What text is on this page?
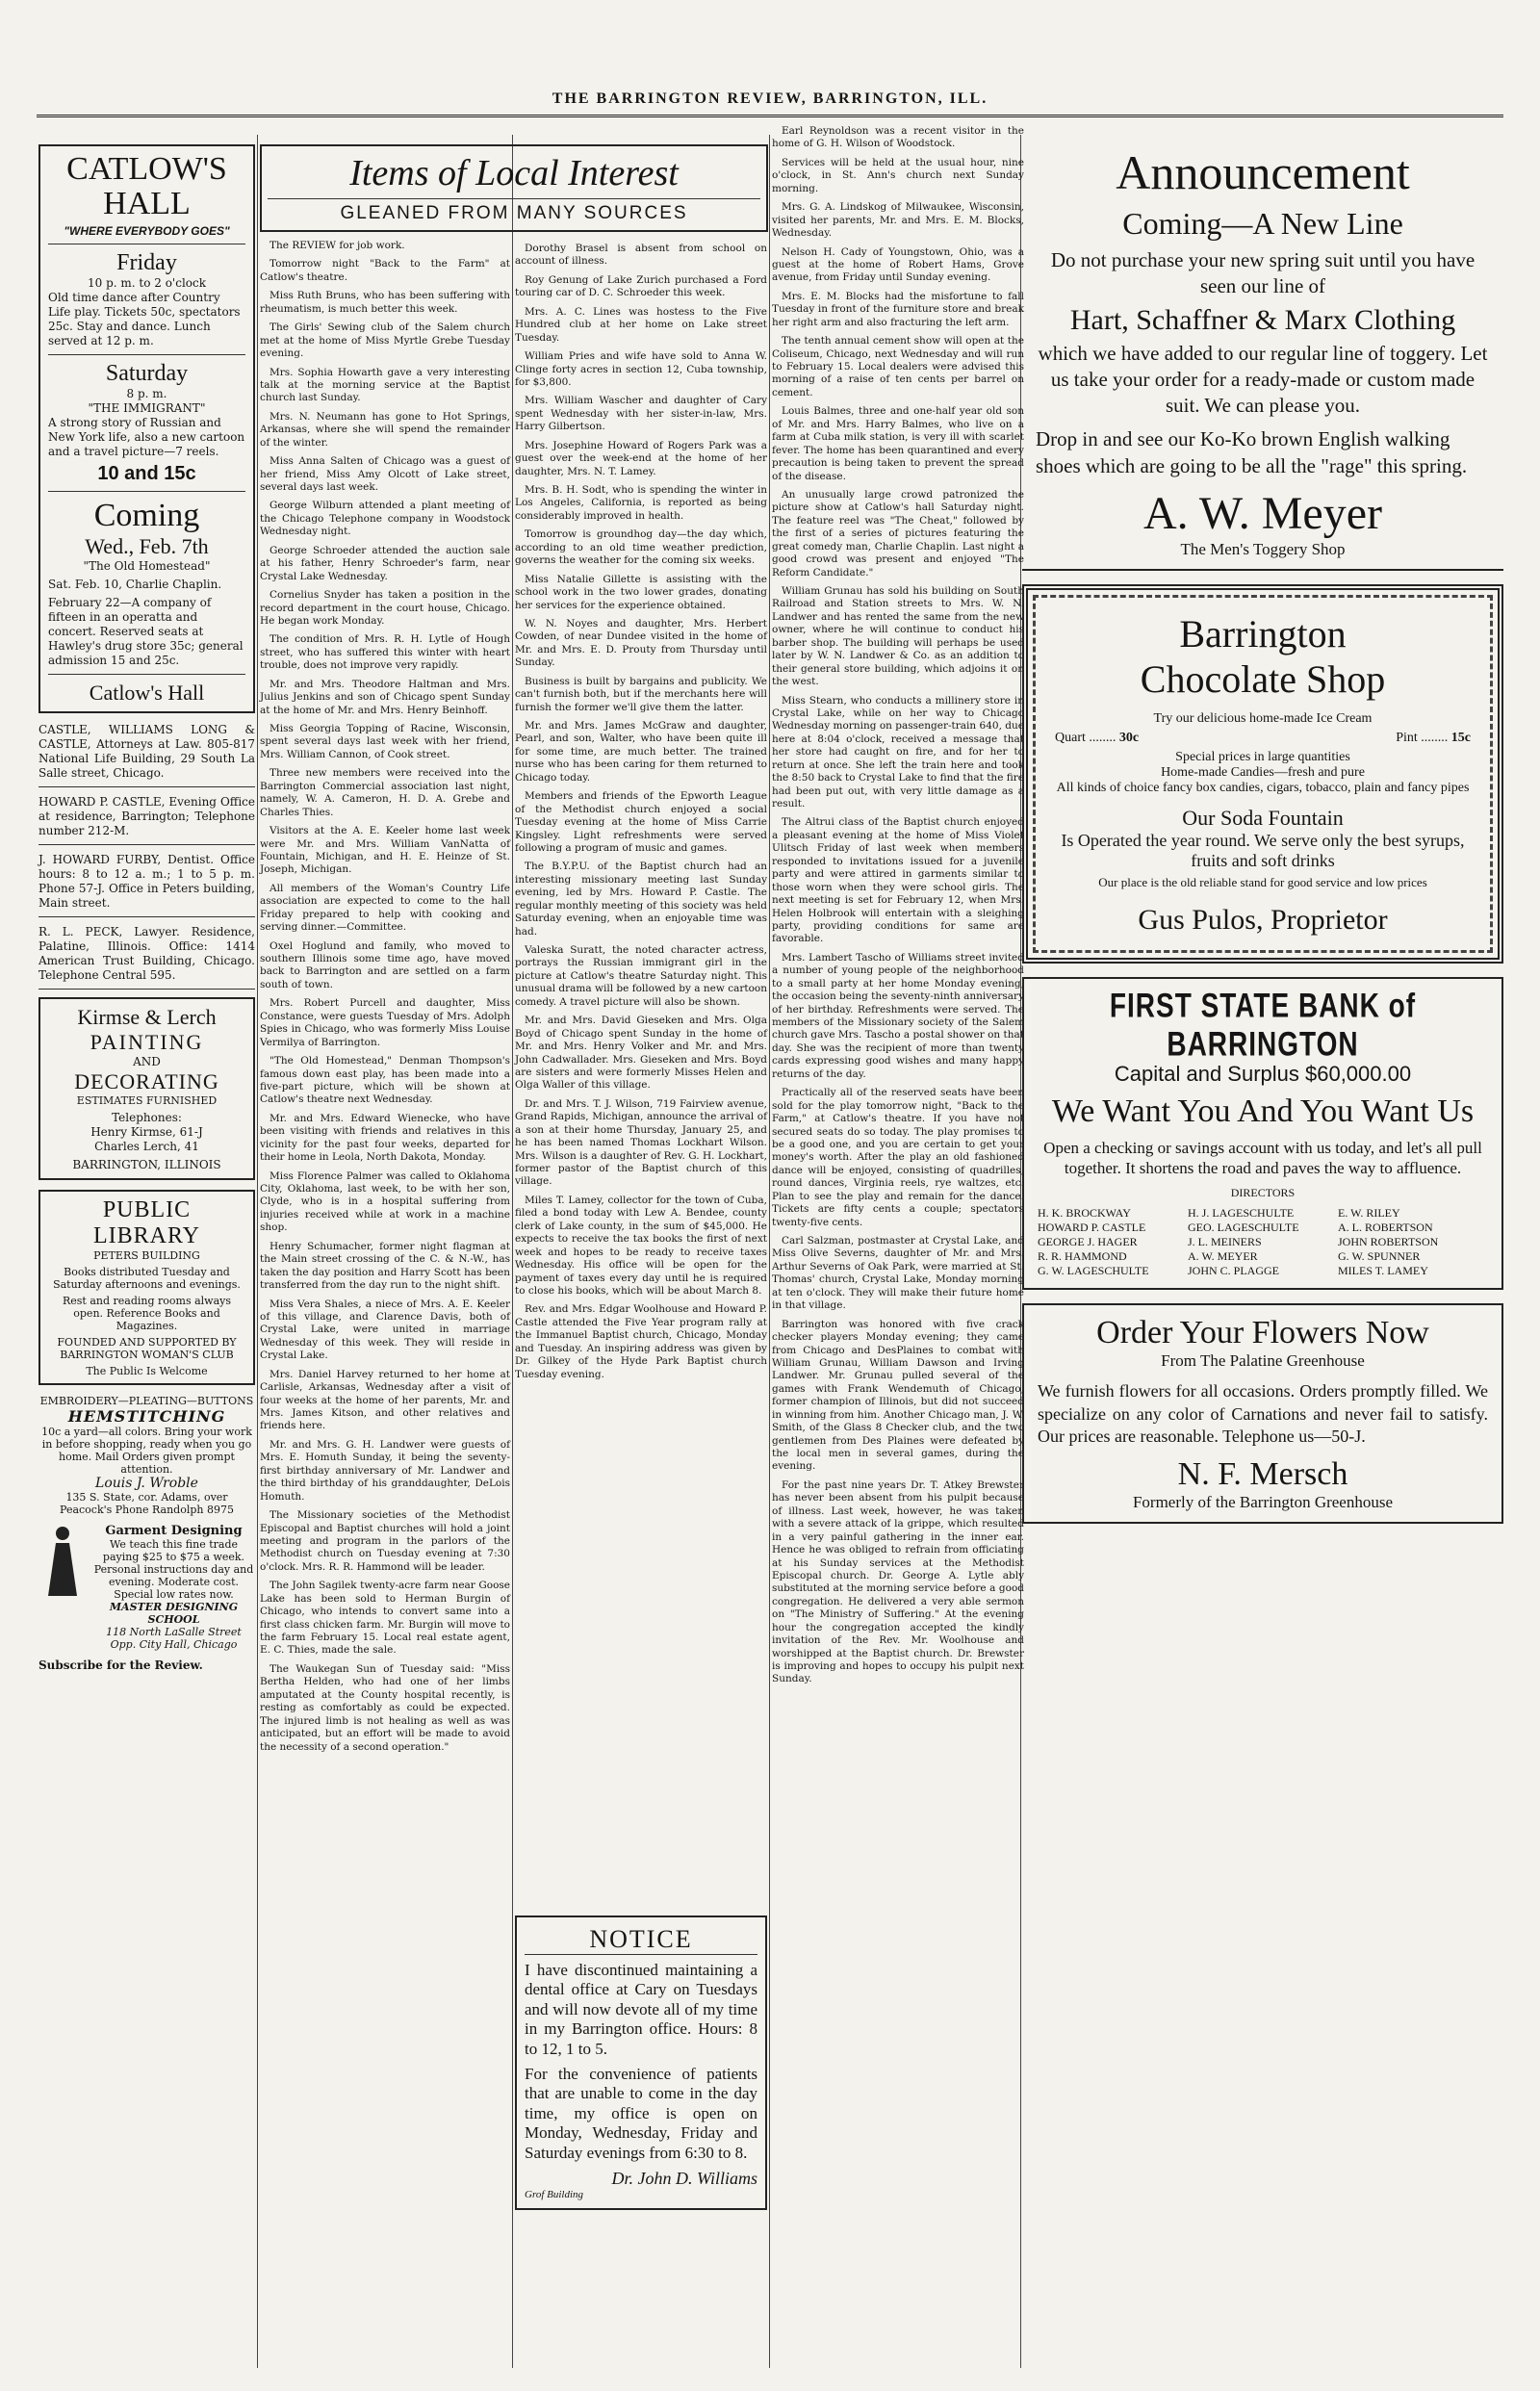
THE BARRINGTON REVIEW, BARRINGTON, ILL.
CATLOW'S HALL
"WHERE EVERYBODY GOES"
Friday
10 p. m. to 2 o'clock
Old time dance after Country Life play. Tickets 50c, spectators 25c. Stay and dance. Lunch served at 12 p. m.
Saturday
8 p. m.
"THE IMMIGRANT"
A strong story of Russian and New York life, also a new cartoon and a travel picture—7 reels.
10 and 15c
Coming
Wed., Feb. 7th
"The Old Homestead"
Sat. Feb. 10, Charlie Chaplin.
February 22—A company of fifteen in an operatta and concert. Reserved seats at Hawley's drug store 35c; general admission 15 and 25c.
Catlow's Hall
CASTLE, WILLIAMS LONG & CASTLE, Attorneys at Law. 805-817 National Life Building, 29 South La Salle street, Chicago.
HOWARD P. CASTLE, Evening Office at residence, Barrington; Telephone number 212-M.
J. HOWARD FURBY, Dentist. Office hours: 8 to 12 a. m.; 1 to 5 p. m. Phone 57-J. Office in Peters building, Main street.
R. L. PECK, Lawyer. Residence, Palatine, Illinois. Office: 1414 American Trust Building, Chicago. Telephone Central 595.
Kirmse & Lerch
PAINTING
AND
DECORATING
ESTIMATES FURNISHED
Telephones:
Henry Kirmse, 61-J
Charles Lerch, 41
BARRINGTON, ILLINOIS
PUBLIC LIBRARY
PETERS BUILDING
Books distributed Tuesday and Saturday afternoons and evenings.
Rest and reading rooms always open. Reference Books and Magazines.
FOUNDED AND SUPPORTED BY BARRINGTON WOMAN'S CLUB
The Public Is Welcome
EMBROIDERY—PLEATING—BUTTONS
HEMSTITCHING
10c a yard—all colors. Bring your work in before shopping, ready when you go home. Mail Orders given prompt attention.
Louis J. Wroble
135 S. State, cor. Adams, over Peacock's Phone Randolph 8975
Garment Designing
We teach this fine trade paying $25 to $75 a week. Personal instructions day and evening. Moderate cost. Special low rates now.
MASTER DESIGNING SCHOOL
118 North LaSalle Street Opp. City Hall, Chicago
Subscribe for the Review.
Items of Local Interest
GLEANED FROM MANY SOURCES
The REVIEW for job work.
Tomorrow night "Back to the Farm" at Catlow's theatre.
Miss Ruth Bruns, who has been suffering with rheumatism, is much better this week.
The Girls' Sewing club of the Salem church met at the home of Miss Myrtle Grebe Tuesday evening.
Mrs. Sophia Howarth gave a very interesting talk at the morning service at the Baptist church last Sunday.
Mrs. N. Neumann has gone to Hot Springs, Arkansas, where she will spend the remainder of the winter.
Miss Anna Salten of Chicago was a guest of her friend, Miss Amy Olcott of Lake street, several days last week.
George Wilburn attended a plant meeting of the Chicago Telephone company in Woodstock Wednesday night.
George Schroeder attended the auction sale at his father, Henry Schroeder's farm, near Crystal Lake Wednesday.
Cornelius Snyder has taken a position in the record department in the court house, Chicago. He began work Monday.
The condition of Mrs. R. H. Lytle of Hough street, who has suffered this winter with heart trouble, does not improve very rapidly.
Mr. and Mrs. Theodore Haltman and Mrs. Julius Jenkins and son of Chicago spent Sunday at the home of Mr. and Mrs. Henry Beinhoff.
Miss Georgia Topping of Racine, Wisconsin, spent several days last week with her friend, Mrs. William Cannon, of Cook street.
Three new members were received into the Barrington Commercial association last night, namely, W. A. Cameron, H. D. A. Grebe and Charles Thies.
Visitors at the A. E. Keeler home last week were Mr. and Mrs. William VanNatta of Fountain, Michigan, and H. E. Heinze of St. Joseph, Michigan.
All members of the Woman's Country Life association are expected to come to the hall Friday prepared to help with cooking and serving dinner.—Committee.
Oxel Hoglund and family, who moved to southern Illinois some time ago, have moved back to Barrington and are settled on a farm south of town.
Mrs. Robert Purcell and daughter, Miss Constance, were guests Tuesday of Mrs. Adolph Spies in Chicago, who was formerly Miss Louise Vermilya of Barrington.
"The Old Homestead," Denman Thompson's famous down east play, has been made into a five-part picture, which will be shown at Catlow's theatre next Wednesday.
Mr. and Mrs. Edward Wienecke, who have been visiting with friends and relatives in this vicinity for the past four weeks, departed for their home in Leola, North Dakota, Monday.
Miss Florence Palmer was called to Oklahoma City, Oklahoma, last week, to be with her son, Clyde, who is in a hospital suffering from injuries received while at work in a machine shop.
Henry Schumacher, former night flagman at the Main street crossing of the C. & N.-W., has taken the day position and Harry Scott has been transferred from the day run to the night shift.
Miss Vera Shales, a niece of Mrs. A. E. Keeler of this village, and Clarence Davis, both of Crystal Lake, were united in marriage Wednesday of this week. They will reside in Crystal Lake.
Mrs. Daniel Harvey returned to her home at Carlisle, Arkansas, Wednesday after a visit of four weeks at the home of her parents, Mr. and Mrs. James Kitson, and other relatives and friends here.
Mr. and Mrs. G. H. Landwer were guests of Mrs. E. Homuth Sunday, it being the seventy-first birthday anniversary of Mr. Landwer and the third birthday of his granddaughter, DeLois Homuth.
The Missionary societies of the Methodist Episcopal and Baptist churches will hold a joint meeting and program in the parlors of the Methodist church on Tuesday evening at 7:30 o'clock. Mrs. R. R. Hammond will be leader.
The John Sagilek twenty-acre farm near Goose Lake has been sold to Herman Burgin of Chicago, who intends to convert same into a first class chicken farm. Mr. Burgin will move to the farm February 15. Local real estate agent, E. C. Thies, made the sale.
The Waukegan Sun of Tuesday said: "Miss Bertha Helden, who had one of her limbs amputated at the County hospital recently, is resting as comfortably as could be expected. The injured limb is not healing as well as was anticipated, but an effort will be made to avoid the necessity of a second operation."
Dorothy Brasel is absent from school on account of illness.
Roy Genung of Lake Zurich purchased a Ford touring car of D. C. Schroeder this week.
Mrs. A. C. Lines was hostess to the Five Hundred club at her home on Lake street Tuesday.
William Pries and wife have sold to Anna W. Clinge forty acres in section 12, Cuba township, for $3,800.
Mrs. William Wascher and daughter of Cary spent Wednesday with her sister-in-law, Mrs. Harry Gilbertson.
Mrs. Josephine Howard of Rogers Park was a guest over the week-end at the home of her daughter, Mrs. N. T. Lamey.
Mrs. B. H. Sodt, who is spending the winter in Los Angeles, California, is reported as being considerably improved in health.
Tomorrow is groundhog day—the day which, according to an old time weather prediction, governs the weather for the coming six weeks.
Miss Natalie Gillette is assisting with the school work in the two lower grades, donating her services for the experience obtained.
W. N. Noyes and daughter, Mrs. Herbert Cowden, of near Dundee visited in the home of Mr. and Mrs. E. D. Prouty from Thursday until Sunday.
Business is built by bargains and publicity. We can't furnish both, but if the merchants here will furnish the former we'll give them the latter.
Mr. and Mrs. James McGraw and daughter, Pearl, and son, Walter, who have been quite ill for some time, are much better. The trained nurse who has been caring for them returned to Chicago today.
Members and friends of the Epworth League of the Methodist church enjoyed a social Tuesday evening at the home of Miss Carrie Kingsley. Light refreshments were served following a program of music and games.
The B.Y.P.U. of the Baptist church had an interesting missionary meeting last Sunday evening, led by Mrs. Howard P. Castle. The regular monthly meeting of this society was held Saturday evening, when an enjoyable time was had.
Valeska Suratt, the noted character actress, portrays the Russian immigrant girl in the picture at Catlow's theatre Saturday night. This unusual drama will be followed by a new cartoon comedy. A travel picture will also be shown.
Mr. and Mrs. David Gieseken and Mrs. Olga Boyd of Chicago spent Sunday in the home of Mr. and Mrs. Henry Volker and Mr. and Mrs. John Cadwallader. Mrs. Gieseken and Mrs. Boyd are sisters and were formerly Misses Helen and Olga Waller of this village.
Dr. and Mrs. T. J. Wilson, 719 Fairview avenue, Grand Rapids, Michigan, announce the arrival of a son at their home Thursday, January 25, and he has been named Thomas Lockhart Wilson. Mrs. Wilson is a daughter of Rev. G. H. Lockhart, former pastor of the Baptist church of this village.
Miles T. Lamey, collector for the town of Cuba, filed a bond today with Lew A. Bendee, county clerk of Lake county, in the sum of $45,000. He expects to receive the tax books the first of next week and hopes to be ready to receive taxes Wednesday. His office will be open for the payment of taxes every day until he is required to close his books, which will be about March 8.
Rev. and Mrs. Edgar Woolhouse and Howard P. Castle attended the Five Year program rally at the Immanuel Baptist church, Chicago, Monday and Tuesday. An inspiring address was given by Dr. Gilkey of the Hyde Park Baptist church Tuesday evening.
NOTICE
I have discontinued maintaining a dental office at Cary on Tuesdays and will now devote all of my time in my Barrington office. Hours: 8 to 12, 1 to 5.
For the convenience of patients that are unable to come in the day time, my office is open on Monday, Wednesday, Friday and Saturday evenings from 6:30 to 8.
Dr. John D. Williams
Grof Building
Earl Reynoldson was a recent visitor in the home of G. H. Wilson of Woodstock.
Services will be held at the usual hour, nine o'clock, in St. Ann's church next Sunday morning.
Mrs. G. A. Lindskog of Milwaukee, Wisconsin, visited her parents, Mr. and Mrs. E. M. Blocks, Wednesday.
Nelson H. Cady of Youngstown, Ohio, was a guest at the home of Robert Hams, Grove avenue, from Friday until Sunday evening.
Mrs. E. M. Blocks had the misfortune to fall Tuesday in front of the furniture store and break her right arm and also fracturing the left arm.
The tenth annual cement show will open at the Coliseum, Chicago, next Wednesday and will run to February 15. Local dealers were advised this morning of a raise of ten cents per barrel on cement.
Louis Balmes, three and one-half year old son of Mr. and Mrs. Harry Balmes, who live on a farm at Cuba milk station, is very ill with scarlet fever. The home has been quarantined and every precaution is being taken to prevent the spread of the disease.
An unusually large crowd patronized the picture show at Catlow's hall Saturday night. The feature reel was "The Cheat," followed by the first of a series of pictures featuring the great comedy man, Charlie Chaplin. Last night a good crowd was present and enjoyed "The Reform Candidate."
William Grunau has sold his building on South Railroad and Station streets to Mrs. W. N. Landwer and has rented the same from the new owner, where he will continue to conduct his barber shop. The building will perhaps be used later by W. N. Landwer & Co. as an addition to their general store building, which adjoins it on the west.
Miss Stearn, who conducts a millinery store in Crystal Lake, while on her way to Chicago Wednesday morning on passenger-train 640, due here at 8:04 o'clock, received a message that her store had caught on fire, and for her to return at once. She left the train here and took the 8:50 back to Crystal Lake to find that the fire had been put out, with very little damage as a result.
The Altrui class of the Baptist church enjoyed a pleasant evening at the home of Miss Violet Ulitsch Friday of last week when members responded to invitations issued for a juvenile party and were attired in garments similar to those worn when they were school girls. The next meeting is set for February 12, when Mrs. Helen Holbrook will entertain with a sleighing party, providing conditions for same are favorable.
Mrs. Lambert Tascho of Williams street invited a number of young people of the neighborhood to a small party at her home Monday evening, the occasion being the seventy-ninth anniversary of her birthday. Refreshments were served. The members of the Missionary society of the Salem church gave Mrs. Tascho a postal shower on that day. She was the recipient of more than twenty cards expressing good wishes and many happy returns of the day.
Practically all of the reserved seats have been sold for the play tomorrow night, "Back to the Farm," at Catlow's theatre. If you have not secured seats do so today. The play promises to be a good one, and you are certain to get your money's worth. After the play an old fashioned dance will be enjoyed, consisting of quadrilles, round dances, Virginia reels, rye waltzes, etc. Plan to see the play and remain for the dance. Tickets are fifty cents a couple; spectators twenty-five cents.
Carl Salzman, postmaster at Crystal Lake, and Miss Olive Severns, daughter of Mr. and Mrs. Arthur Severns of Oak Park, were married at St. Thomas' church, Crystal Lake, Monday morning at ten o'clock. They will make their future home in that village.
Barrington was honored with five crack checker players Monday evening; they came from Chicago and DesPlaines to combat with William Grunau, William Dawson and Irving Landwer. Mr. Grunau pulled several of the games with Frank Wendemuth of Chicago, former champion of Illinois, but did not succeed in winning from him. Another Chicago man, J. W. Smith, of the Glass 8 Checker club, and the two gentlemen from Des Plaines were defeated by the local men in several games, during the evening.
For the past nine years Dr. T. Atkey Brewster has never been absent from his pulpit because of illness. Last week, however, he was taken with a severe attack of la grippe, which resulted in a very painful gathering in the inner ear. Hence he was obliged to refrain from officiating at his Sunday services at the Methodist Episcopal church. Dr. George A. Lytle ably substituted at the morning service before a good congregation. He delivered a very able sermon on "The Ministry of Suffering." At the evening hour the congregation accepted the kindly invitation of the Rev. Mr. Woolhouse and worshipped at the Baptist church. Dr. Brewster is improving and hopes to occupy his pulpit next Sunday.
Announcement
Coming—A New Line
Do not purchase your new spring suit until you have seen our line of
Hart, Schaffner & Marx Clothing
which we have added to our regular line of toggery. Let us take your order for a ready-made or custom made suit. We can please you.
Drop in and see our Ko-Ko brown English walking shoes which are going to be all the "rage" this spring.
A. W. Meyer
The Men's Toggery Shop
Barrington
Chocolate Shop
Try our delicious home-made Ice Cream
Quart ........ 30c	Pint ........ 15c
Special prices in large quantities
Home-made Candies—fresh and pure
All kinds of choice fancy box candies, cigars, tobacco, plain and fancy pipes
Our Soda Fountain
Is Operated the year round. We serve only the best syrups, fruits and soft drinks
Our place is the old reliable stand for good service and low prices
Gus Pulos, Proprietor
FIRST STATE BANK of BARRINGTON
Capital and Surplus $60,000.00
We Want You And You Want Us
Open a checking or savings account with us today, and let's all pull together. It shortens the road and paves the way to affluence.
DIRECTORS
H. K. BROCKWAY	H. J. LAGESCHULTE	E. W. RILEY
HOWARD P. CASTLE	GEO. LAGESCHULTE	A. L. ROBERTSON
GEORGE J. HAGER	J. L. MEINERS	JOHN ROBERTSON
R. R. HAMMOND	A. W. MEYER	G. W. SPUNNER
G. W. LAGESCHULTE	JOHN C. PLAGGE	MILES T. LAMEY
Order Your Flowers Now
From The Palatine Greenhouse
We furnish flowers for all occasions. Orders promptly filled. We specialize on any color of Carnations and never fail to satisfy. Our prices are reasonable. Telephone us—50-J.
N. F. Mersch
Formerly of the Barrington Greenhouse
